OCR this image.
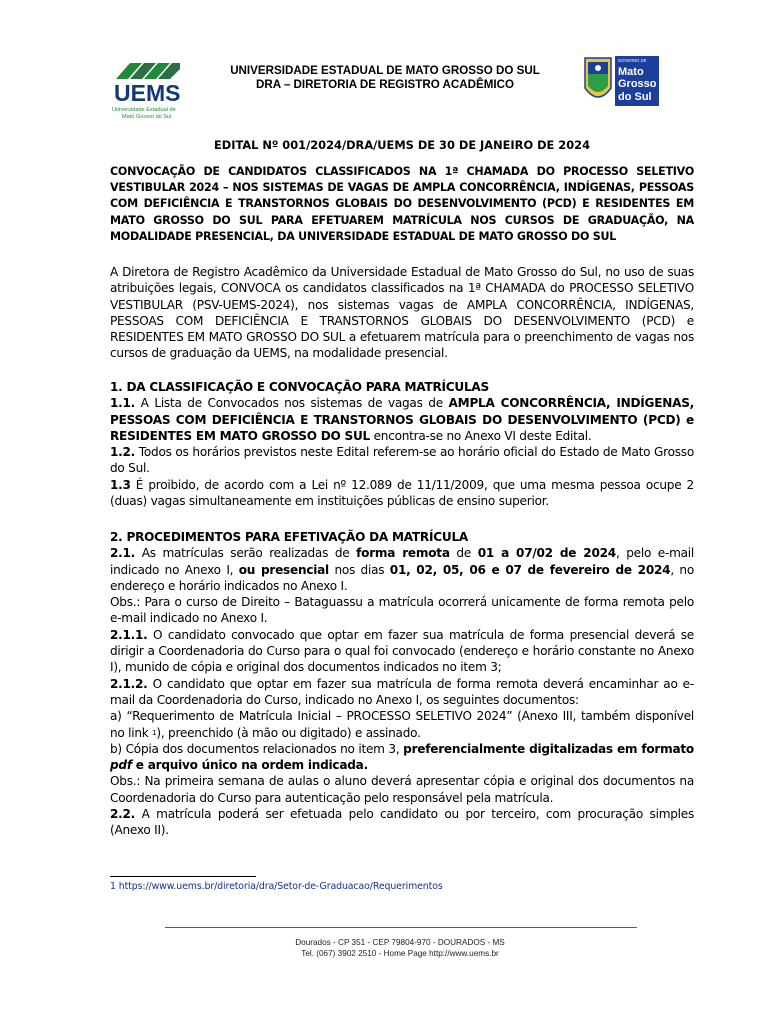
UEMS
Universidade Estadual de
Mato Grosso do Sul
UNIVERSIDADE ESTADUAL DE MATO GROSSO DO SUL
DRA – DIRETORIA DE REGISTRO ACADÊMICO
GOVERNO DE
Mato
Grosso
do Sul
EDITAL Nº 001/2024/DRA/UEMS DE 30 DE JANEIRO DE 2024
CONVOCAÇÃO DE CANDIDATOS CLASSIFICADOS NA 1ª CHAMADA DO PROCESSO SELETIVO VESTIBULAR 2024 – NOS SISTEMAS DE VAGAS DE AMPLA CONCORRÊNCIA, INDÍGENAS, PESSOAS COM DEFICIÊNCIA E TRANSTORNOS GLOBAIS DO DESENVOLVIMENTO (PCD) E RESIDENTES EM MATO GROSSO DO SUL PARA EFETUAREM MATRÍCULA NOS CURSOS DE GRADUAÇÃO, NA MODALIDADE PRESENCIAL, DA UNIVERSIDADE ESTADUAL DE MATO GROSSO DO SUL
A Diretora de Registro Acadêmico da Universidade Estadual de Mato Grosso do Sul, no uso de suas atribuições legais, CONVOCA os candidatos classificados na 1ª CHAMADA do PROCESSO SELETIVO VESTIBULAR (PSV-UEMS-2024), nos sistemas vagas de AMPLA CONCORRÊNCIA, INDÍGENAS, PESSOAS COM DEFICIÊNCIA E TRANSTORNOS GLOBAIS DO DESENVOLVIMENTO (PCD) e RESIDENTES EM MATO GROSSO DO SUL a efetuarem matrícula para o preenchimento de vagas nos cursos de graduação da UEMS, na modalidade presencial.
1. DA CLASSIFICAÇÃO E CONVOCAÇÃO PARA MATRÍCULAS
1.1. A Lista de Convocados nos sistemas de vagas de AMPLA CONCORRÊNCIA, INDÍGENAS, PESSOAS COM DEFICIÊNCIA E TRANSTORNOS GLOBAIS DO DESENVOLVIMENTO (PCD) e RESIDENTES EM MATO GROSSO DO SUL encontra-se no Anexo VI deste Edital.
1.2. Todos os horários previstos neste Edital referem-se ao horário oficial do Estado de Mato Grosso do Sul.
1.3 É proibido, de acordo com a Lei nº 12.089 de 11/11/2009, que uma mesma pessoa ocupe 2 (duas) vagas simultaneamente em instituições públicas de ensino superior.
2. PROCEDIMENTOS PARA EFETIVAÇÃO DA MATRÍCULA
2.1. As matrículas serão realizadas de forma remota de 01 a 07/02 de 2024, pelo e-mail indicado no Anexo I, ou presencial nos dias 01, 02, 05, 06 e 07 de fevereiro de 2024, no endereço e horário indicados no Anexo I.
Obs.: Para o curso de Direito – Bataguassu a matrícula ocorrerá unicamente de forma remota pelo e-mail indicado no Anexo I.
2.1.1. O candidato convocado que optar em fazer sua matrícula de forma presencial deverá se dirigir a Coordenadoria do Curso para o qual foi convocado (endereço e horário constante no Anexo I), munido de cópia e original dos documentos indicados no item 3;
2.1.2. O candidato que optar em fazer sua matrícula de forma remota deverá encaminhar ao e-mail da Coordenadoria do Curso, indicado no Anexo I, os seguintes documentos:
a) “Requerimento de Matrícula Inicial – PROCESSO SELETIVO 2024” (Anexo III, também disponível no link $^1$), preenchido (à mão ou digitado) e assinado.
b) Cópia dos documentos relacionados no item 3, preferencialmente digitalizadas em formato pdf e arquivo único na ordem indicada.
Obs.: Na primeira semana de aulas o aluno deverá apresentar cópia e original dos documentos na Coordenadoria do Curso para autenticação pelo responsável pela matrícula.
2.2. A matrícula poderá ser efetuada pelo candidato ou por terceiro, com procuração simples (Anexo II).
1 https://www.uems.br/diretoria/dra/Setor-de-Graduacao/Requerimentos
Dourados - CP 351 - CEP 79804-970 - DOURADOS - MS
Tel. (067) 3902 2510 - Home Page http://www.uems.br
